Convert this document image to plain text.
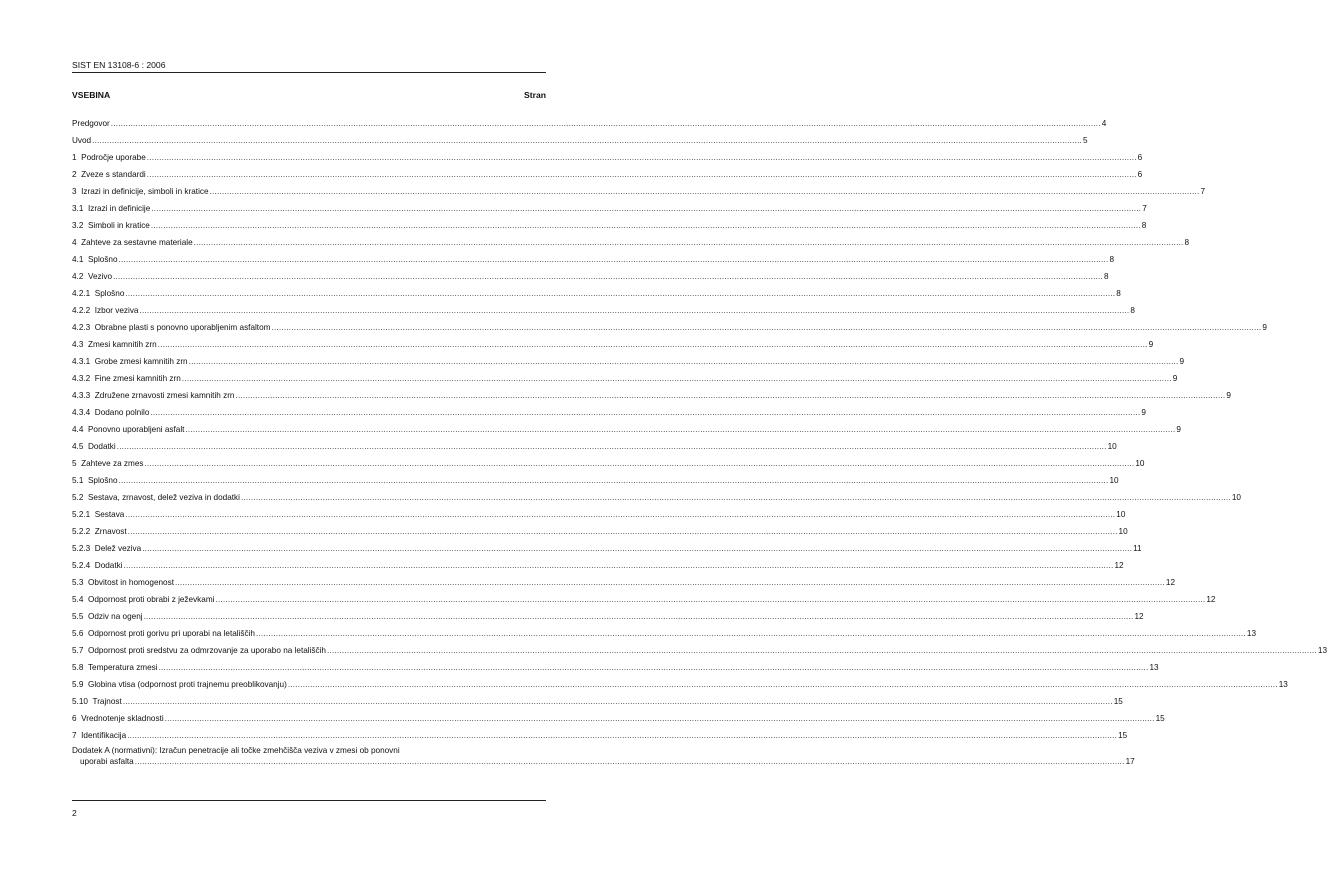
SIST EN 13108-6 : 2006
VSEBINA	Stran
Predgovor ................................................................................................................................................................................................................................................................................................................................................................................................................ 4
Uvod ................................................................................................................................................................................................................................................................................................................................................................................................................ 5
1
Področje uporabe ................................................................................................................................................................................................................................................................................................................................................................................................................ 6
2
Zveze s standardi ................................................................................................................................................................................................................................................................................................................................................................................................................ 6
3
Izrazi in definicije, simboli in kratice ................................................................................................................................................................................................................................................................................................................................................................................................................ 7
3.1
Izrazi in definicije ................................................................................................................................................................................................................................................................................................................................................................................................................ 7
3.2
Simboli in kratice ................................................................................................................................................................................................................................................................................................................................................................................................................ 8
4
Zahteve za sestavne materiale ................................................................................................................................................................................................................................................................................................................................................................................................................ 8
4.1
Splošno ................................................................................................................................................................................................................................................................................................................................................................................................................ 8
4.2
Vezivo ................................................................................................................................................................................................................................................................................................................................................................................................................ 8
4.2.1
Splošno ................................................................................................................................................................................................................................................................................................................................................................................................................ 8
4.2.2
Izbor veziva ................................................................................................................................................................................................................................................................................................................................................................................................................ 8
4.2.3
Obrabne plasti s ponovno uporabljenim asfaltom ................................................................................................................................................................................................................................................................................................................................................................................................................ 9
4.3
Zmesi kamnitih zrn ................................................................................................................................................................................................................................................................................................................................................................................................................ 9
4.3.1
Grobe zmesi kamnitih zrn ................................................................................................................................................................................................................................................................................................................................................................................................................ 9
4.3.2
Fine zmesi kamnitih zrn ................................................................................................................................................................................................................................................................................................................................................................................................................ 9
4.3.3
Združene zrnavosti zmesi kamnitih zrn ................................................................................................................................................................................................................................................................................................................................................................................................................ 9
4.3.4
Dodano polnilo ................................................................................................................................................................................................................................................................................................................................................................................................................ 9
4.4
Ponovno uporabljeni asfalt ................................................................................................................................................................................................................................................................................................................................................................................................................ 9
4.5
Dodatki ................................................................................................................................................................................................................................................................................................................................................................................................................ 10
5
Zahteve za zmes ................................................................................................................................................................................................................................................................................................................................................................................................................ 10
5.1
Splošno ................................................................................................................................................................................................................................................................................................................................................................................................................ 10
5.2
Sestava, zrnavost, delež veziva in dodatki ................................................................................................................................................................................................................................................................................................................................................................................................................ 10
5.2.1
Sestava ................................................................................................................................................................................................................................................................................................................................................................................................................ 10
5.2.2
Zrnavost ................................................................................................................................................................................................................................................................................................................................................................................................................ 10
5.2.3
Delež veziva ................................................................................................................................................................................................................................................................................................................................................................................................................ 11
5.2.4
Dodatki ................................................................................................................................................................................................................................................................................................................................................................................................................ 12
5.3
Obvitost in homogenost ................................................................................................................................................................................................................................................................................................................................................................................................................ 12
5.4
Odpornost proti obrabi z ježevkami ................................................................................................................................................................................................................................................................................................................................................................................................................ 12
5.5
Odziv na ogenj ................................................................................................................................................................................................................................................................................................................................................................................................................ 12
5.6
Odpornost proti gorivu pri uporabi na letališčih ................................................................................................................................................................................................................................................................................................................................................................................................................ 13
5.7
Odpornost proti sredstvu za odmrzovanje za uporabo na letališčih ................................................................................................................................................................................................................................................................................................................................................................................................................ 13
5.8
Temperatura zmesi ................................................................................................................................................................................................................................................................................................................................................................................................................ 13
5.9
Globina vtisa (odpornost proti trajnemu preoblikovanju) ................................................................................................................................................................................................................................................................................................................................................................................................................ 13
5.10
Trajnost ................................................................................................................................................................................................................................................................................................................................................................................................................ 15
6
Vrednotenje skladnosti ................................................................................................................................................................................................................................................................................................................................................................................................................ 15
7
Identifikacija ................................................................................................................................................................................................................................................................................................................................................................................................................ 15
Dodatek A (normativni): Izračun penetracije ali točke zmehčišča veziva v zmesi ob ponovni
uporabi asfalta ................................................................................................................................................................................................................................................................................................................................................................................................................ 17
2
